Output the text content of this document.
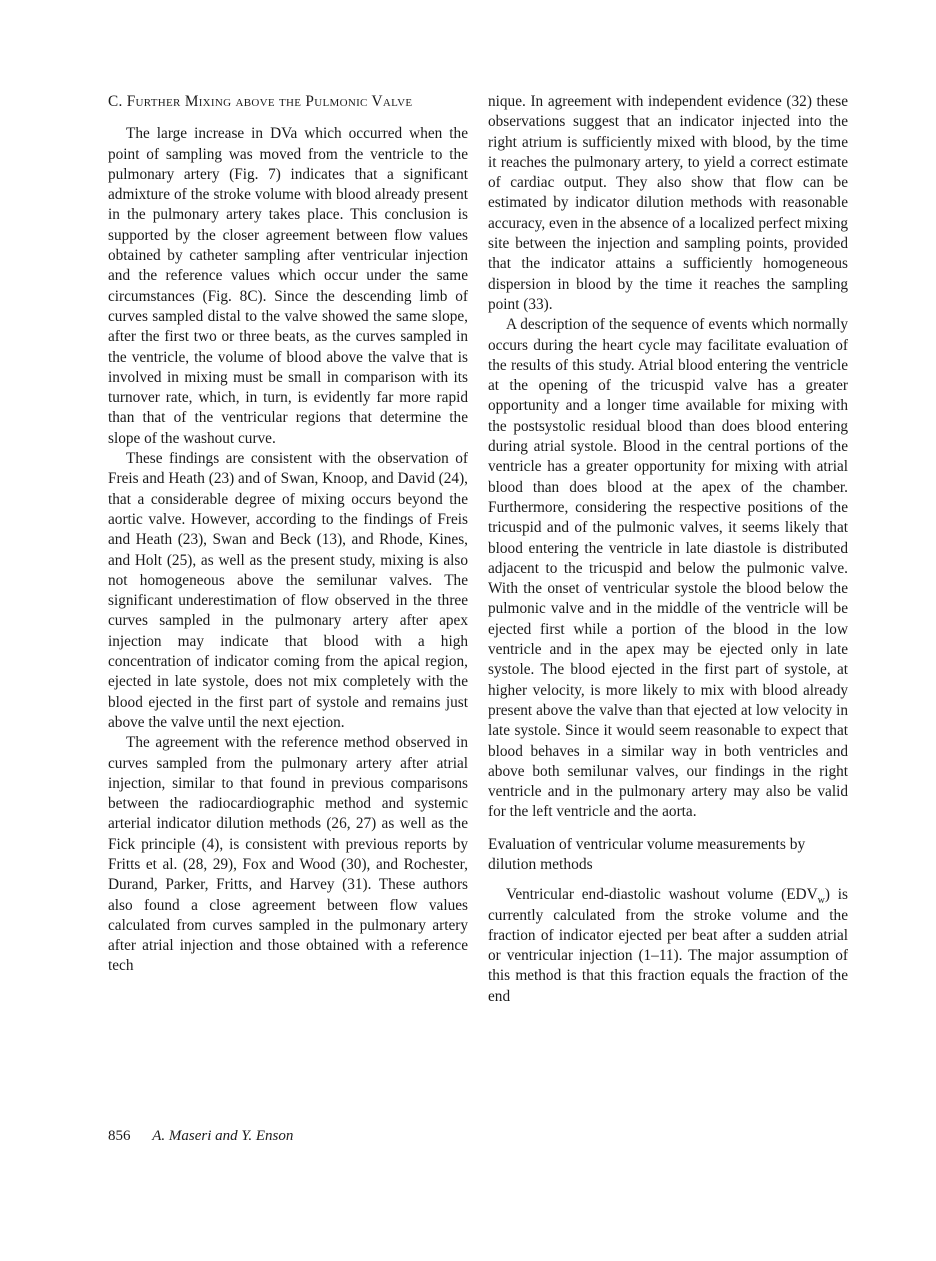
C. Further Mixing above the Pulmonic Valve

The large increase in DVa which occurred when the point of sampling was moved from the ventricle to the pulmonary artery (Fig. 7) indicates that a significant admixture of the stroke volume with blood already present in the pulmonary artery takes place. This conclusion is supported by the closer agreement between flow values obtained by catheter sampling after ventricular injection and the reference values which occur under the same circumstances (Fig. 8C). Since the descending limb of curves sampled distal to the valve showed the same slope, after the first two or three beats, as the curves sampled in the ventricle, the volume of blood above the valve that is involved in mixing must be small in comparison with its turnover rate, which, in turn, is evidently far more rapid than that of the ventricular regions that determine the slope of the washout curve.

These findings are consistent with the observation of Freis and Heath (23) and of Swan, Knoop, and David (24), that a considerable degree of mixing occurs beyond the aortic valve. However, according to the findings of Freis and Heath (23), Swan and Beck (13), and Rhode, Kines, and Holt (25), as well as the present study, mixing is also not homogeneous above the semilunar valves. The significant underestimation of flow observed in the three curves sampled in the pulmonary artery after apex injection may indicate that blood with a high concentration of indicator coming from the apical region, ejected in late systole, does not mix completely with the blood ejected in the first part of systole and remains just above the valve until the next ejection.

The agreement with the reference method observed in curves sampled from the pulmonary artery after atrial injection, similar to that found in previous comparisons between the radiocardiographic method and systemic arterial indicator dilution methods (26, 27) as well as the Fick principle (4), is consistent with previous reports by Fritts et al. (28, 29), Fox and Wood (30), and Rochester, Durand, Parker, Fritts, and Harvey (31). These authors also found a close agreement between flow values calculated from curves sampled in the pulmonary artery after atrial injection and those obtained with a reference tech

nique. In agreement with independent evidence (32) these observations suggest that an indicator injected into the right atrium is sufficiently mixed with blood, by the time it reaches the pulmonary artery, to yield a correct estimate of cardiac output. They also show that flow can be estimated by indicator dilution methods with reasonable accuracy, even in the absence of a localized perfect mixing site between the injection and sampling points, provided that the indicator attains a sufficiently homogeneous dispersion in blood by the time it reaches the sampling point (33).

A description of the sequence of events which normally occurs during the heart cycle may facilitate evaluation of the results of this study. Atrial blood entering the ventricle at the opening of the tricuspid valve has a greater opportunity and a longer time available for mixing with the postsystolic residual blood than does blood entering during atrial systole. Blood in the central portions of the ventricle has a greater opportunity for mixing with atrial blood than does blood at the apex of the chamber. Furthermore, considering the respective positions of the tricuspid and of the pulmonic valves, it seems likely that blood entering the ventricle in late diastole is distributed adjacent to the tricuspid and below the pulmonic valve. With the onset of ventricular systole the blood below the pulmonic valve and in the middle of the ventricle will be ejected first while a portion of the blood in the low ventricle and in the apex may be ejected only in late systole. The blood ejected in the first part of systole, at higher velocity, is more likely to mix with blood already present above the valve than that ejected at low velocity in late systole. Since it would seem reasonable to expect that blood behaves in a similar way in both ventricles and above both semilunar valves, our findings in the right ventricle and in the pulmonary artery may also be valid for the left ventricle and the aorta.

Evaluation of ventricular volume measurements by dilution methods

Ventricular end-diastolic washout volume $(EDV_w)$ is currently calculated from the stroke volume and the fraction of indicator ejected per beat after a sudden atrial or ventricular injection (1–11). The major assumption of this method is that this fraction equals the fraction of the end

856 A. Maseri and Y. Enson
